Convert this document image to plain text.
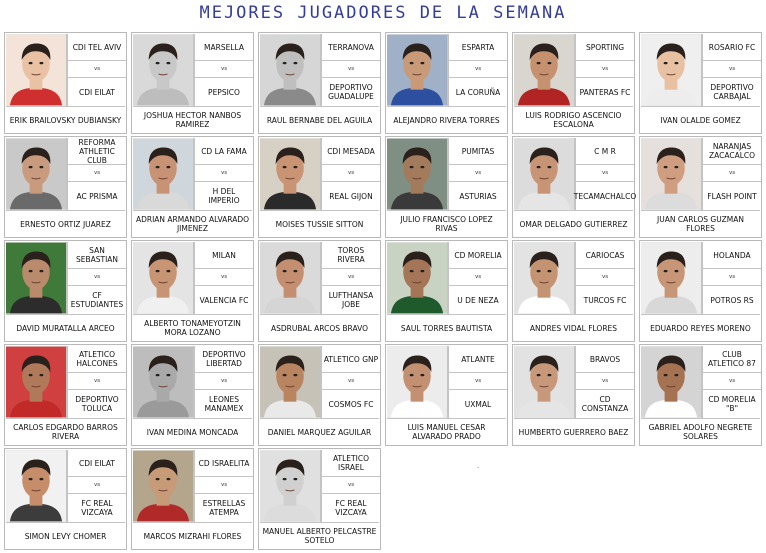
MEJORES JUGADORES DE LA SEMANA
CDI TEL AVIV
vs
CDI EILAT
ERIK BRAILOVSKY DUBIANSKY
MARSELLA
vs
PEPSICO
JOSHUA HECTOR NANBOS RAMIREZ
TERRANOVA
vs
DEPORTIVO GUADALUPE
RAUL BERNABE DEL AGUILA
ESPARTA
vs
LA CORUÑA
ALEJANDRO RIVERA TORRES
SPORTING
vs
PANTERAS FC
LUIS RODRIGO ASCENCIO ESCALONA
ROSARIO FC
vs
DEPORTIVO CARBAJAL
IVAN OLALDE GOMEZ
REFORMA ATHLETIC CLUB
vs
AC PRISMA
ERNESTO ORTIZ JUAREZ
CD LA FAMA
vs
H DEL IMPERIO
ADRIAN ARMANDO ALVARADO JIMENEZ
CDI MESADA
vs
REAL GIJON
MOISES TUSSIE SITTON
PUMITAS
vs
ASTURIAS
JULIO FRANCISCO LOPEZ RIVAS
C M R
vs
TECAMACHALCO
OMAR DELGADO GUTIERREZ
NARANJAS ZACACALCO
vs
FLASH POINT
JUAN CARLOS GUZMAN FLORES
SAN SEBASTIAN
vs
CF ESTUDIANTES
DAVID MURATALLA ARCEO
MILAN
vs
VALENCIA FC
ALBERTO TONAMEYOTZIN MORA LOZANO
TOROS RIVERA
vs
LUFTHANSA JOBE
ASDRUBAL ARCOS BRAVO
CD MORELIA
vs
U DE NEZA
SAUL TORRES BAUTISTA
CARIOCAS
vs
TURCOS FC
ANDRES VIDAL FLORES
HOLANDA
vs
POTROS RS
EDUARDO REYES MORENO
ATLETICO HALCONES
vs
DEPORTIVO TOLUCA
CARLOS EDGARDO BARROS RIVERA
DEPORTIVO LIBERTAD
vs
LEONES MANAMEX
IVAN MEDINA MONCADA
ATLETICO GNP
vs
COSMOS FC
DANIEL MARQUEZ AGUILAR
ATLANTE
vs
UXMAL
LUIS MANUEL CESAR ALVARADO PRADO
BRAVOS
vs
CD CONSTANZA
HUMBERTO GUERRERO BAEZ
CLUB ATLETICO 87
vs
CD MORELIA "B"
GABRIEL ADOLFO NEGRETE SOLARES
CDI EILAT
vs
FC REAL VIZCAYA
SIMON LEVY CHOMER
CD ISRAELITA
vs
ESTRELLAS ATEMPA
MARCOS MIZRAHI FLORES
ATLETICO ISRAEL
vs
FC REAL VIZCAYA
MANUEL ALBERTO PELCASTRE SOTELO
.
